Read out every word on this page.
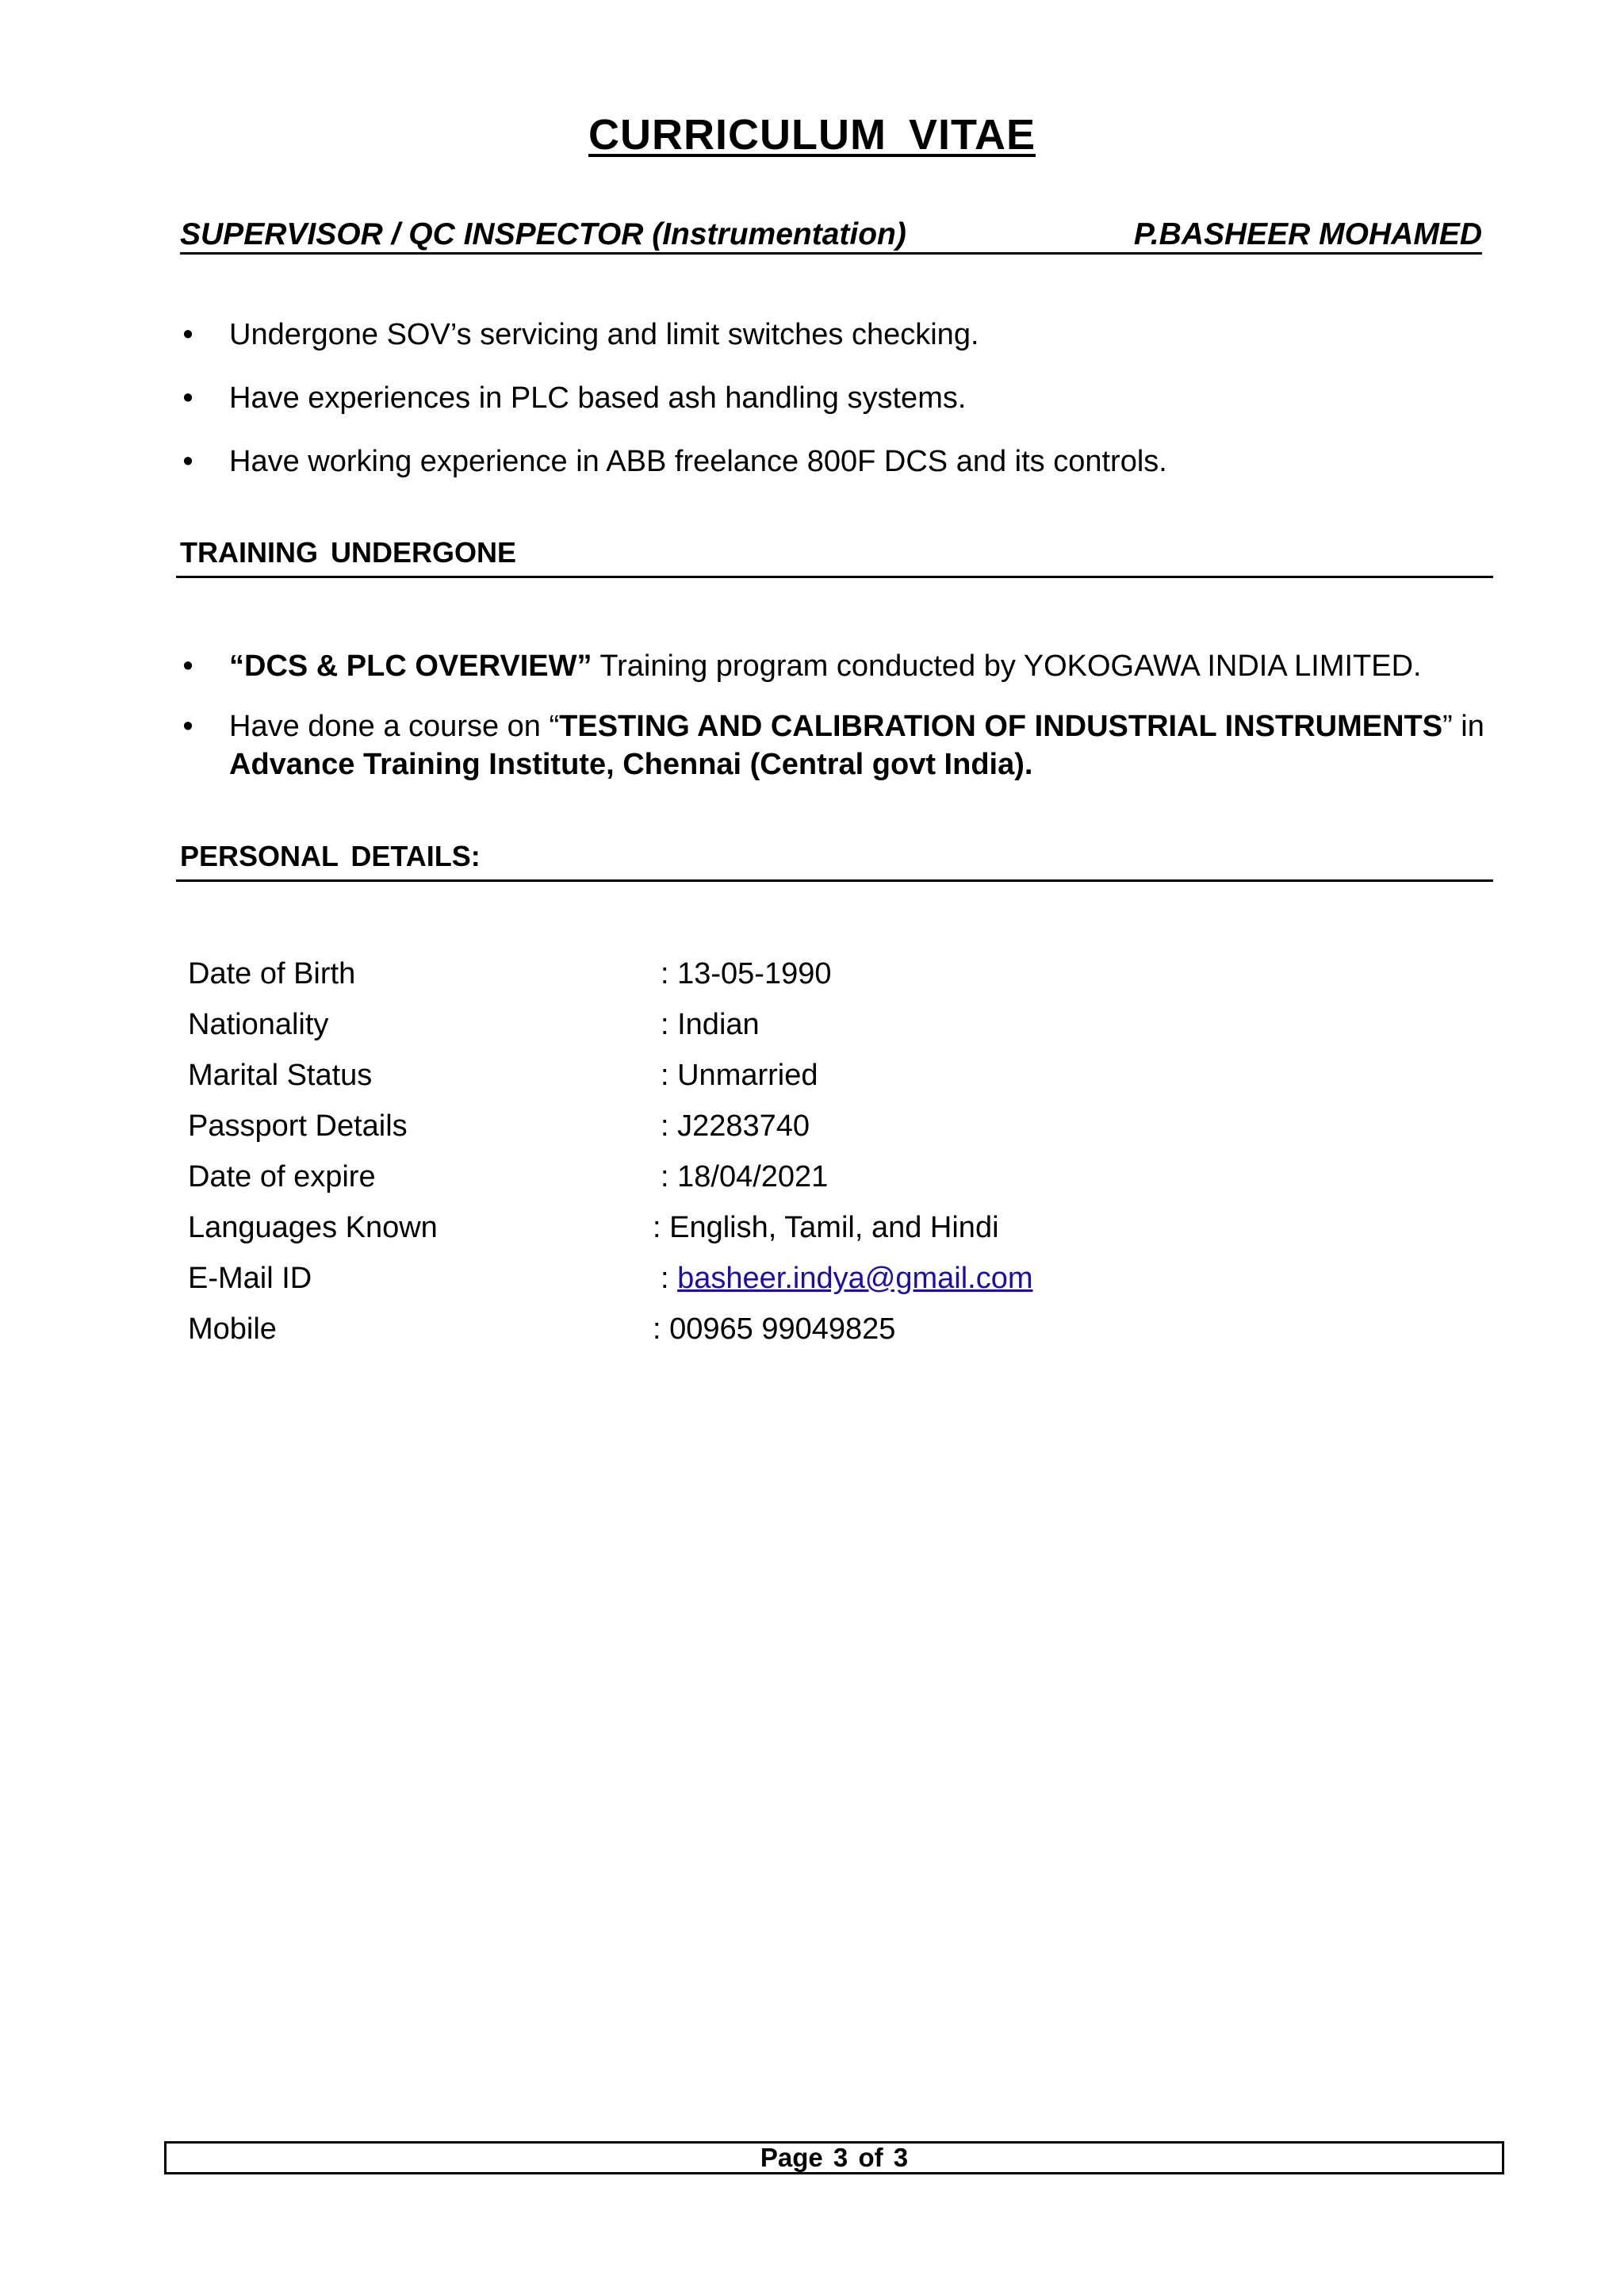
CURRICULUM VITAE
SUPERVISOR / QC INSPECTOR (Instrumentation)	P.BASHEER MOHAMED
• Undergone SOV’s servicing and limit switches checking.
• Have experiences in PLC based ash handling systems.
• Have working experience in ABB freelance 800F DCS and its controls.
TRAINING UNDERGONE
• “DCS & PLC OVERVIEW” Training program conducted by YOKOGAWA INDIA LIMITED.
• Have done a course on “TESTING AND CALIBRATION OF INDUSTRIAL INSTRUMENTS” in Advance Training Institute, Chennai (Central govt India).
PERSONAL DETAILS:
Date of Birth	: 13-05-1990
Nationality	: Indian
Marital Status	: Unmarried
Passport Details	: J2283740
Date of expire	: 18/04/2021
Languages Known	: English, Tamil, and Hindi
E-Mail ID	: basheer.indya@gmail.com
Mobile	: 00965 99049825
Page 3 of 3
